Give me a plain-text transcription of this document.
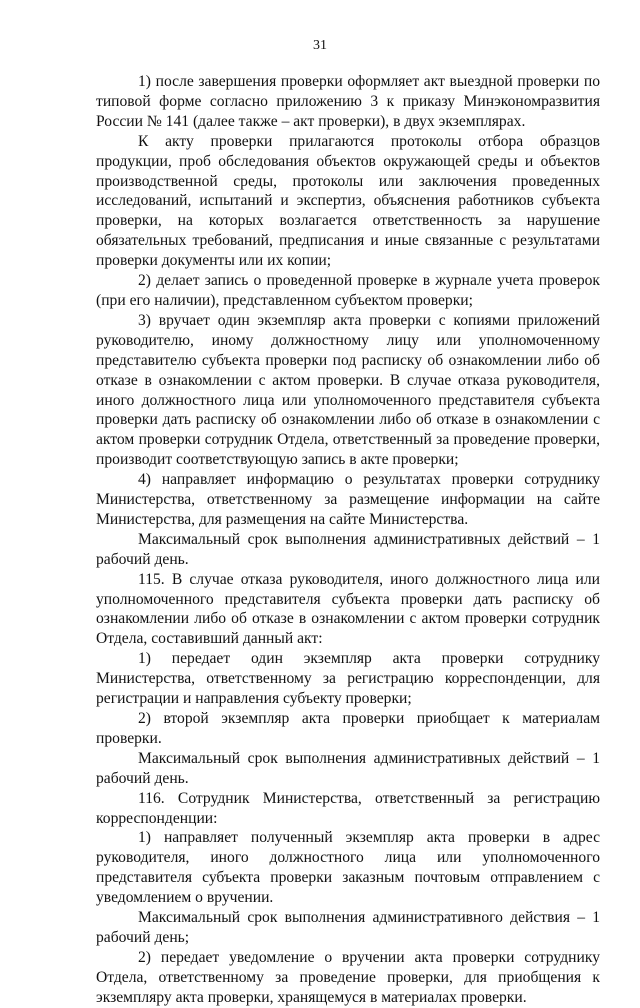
31

1) после завершения проверки оформляет акт выездной проверки по типовой форме согласно приложению 3 к приказу Минэкономразвития России № 141 (далее также – акт проверки), в двух экземплярах.

К акту проверки прилагаются протоколы отбора образцов продукции, проб обследования объектов окружающей среды и объектов производственной среды, протоколы или заключения проведенных исследований, испытаний и экспертиз, объяснения работников субъекта проверки, на которых возлагается ответственность за нарушение обязательных требований, предписания и иные связанные с результатами проверки документы или их копии;

2) делает запись о проведенной проверке в журнале учета проверок (при его наличии), представленном субъектом проверки;

3) вручает один экземпляр акта проверки с копиями приложений руководителю, иному должностному лицу или уполномоченному представителю субъекта проверки под расписку об ознакомлении либо об отказе в ознакомлении с актом проверки. В случае отказа руководителя, иного должностного лица или уполномоченного представителя субъекта проверки дать расписку об ознакомлении либо об отказе в ознакомлении с актом проверки сотрудник Отдела, ответственный за проведение проверки, производит соответствующую запись в акте проверки;

4) направляет информацию о результатах проверки сотруднику Министерства, ответственному за размещение информации на сайте Министерства, для размещения на сайте Министерства.

Максимальный срок выполнения административных действий – 1 рабочий день.

115. В случае отказа руководителя, иного должностного лица или уполномоченного представителя субъекта проверки дать расписку об ознакомлении либо об отказе в ознакомлении с актом проверки сотрудник Отдела, составивший данный акт:

1) передает один экземпляр акта проверки сотруднику Министерства, ответственному за регистрацию корреспонденции, для регистрации и направления субъекту проверки;

2) второй экземпляр акта проверки приобщает к материалам проверки.

Максимальный срок выполнения административных действий – 1 рабочий день.

116. Сотрудник Министерства, ответственный за регистрацию корреспонденции:

1) направляет полученный экземпляр акта проверки в адрес руководителя, иного должностного лица или уполномоченного представителя субъекта проверки заказным почтовым отправлением с уведомлением о вручении.

Максимальный срок выполнения административного действия – 1 рабочий день;

2) передает уведомление о вручении акта проверки сотруднику Отдела, ответственному за проведение проверки, для приобщения к экземпляру акта проверки, хранящемуся в материалах проверки.
